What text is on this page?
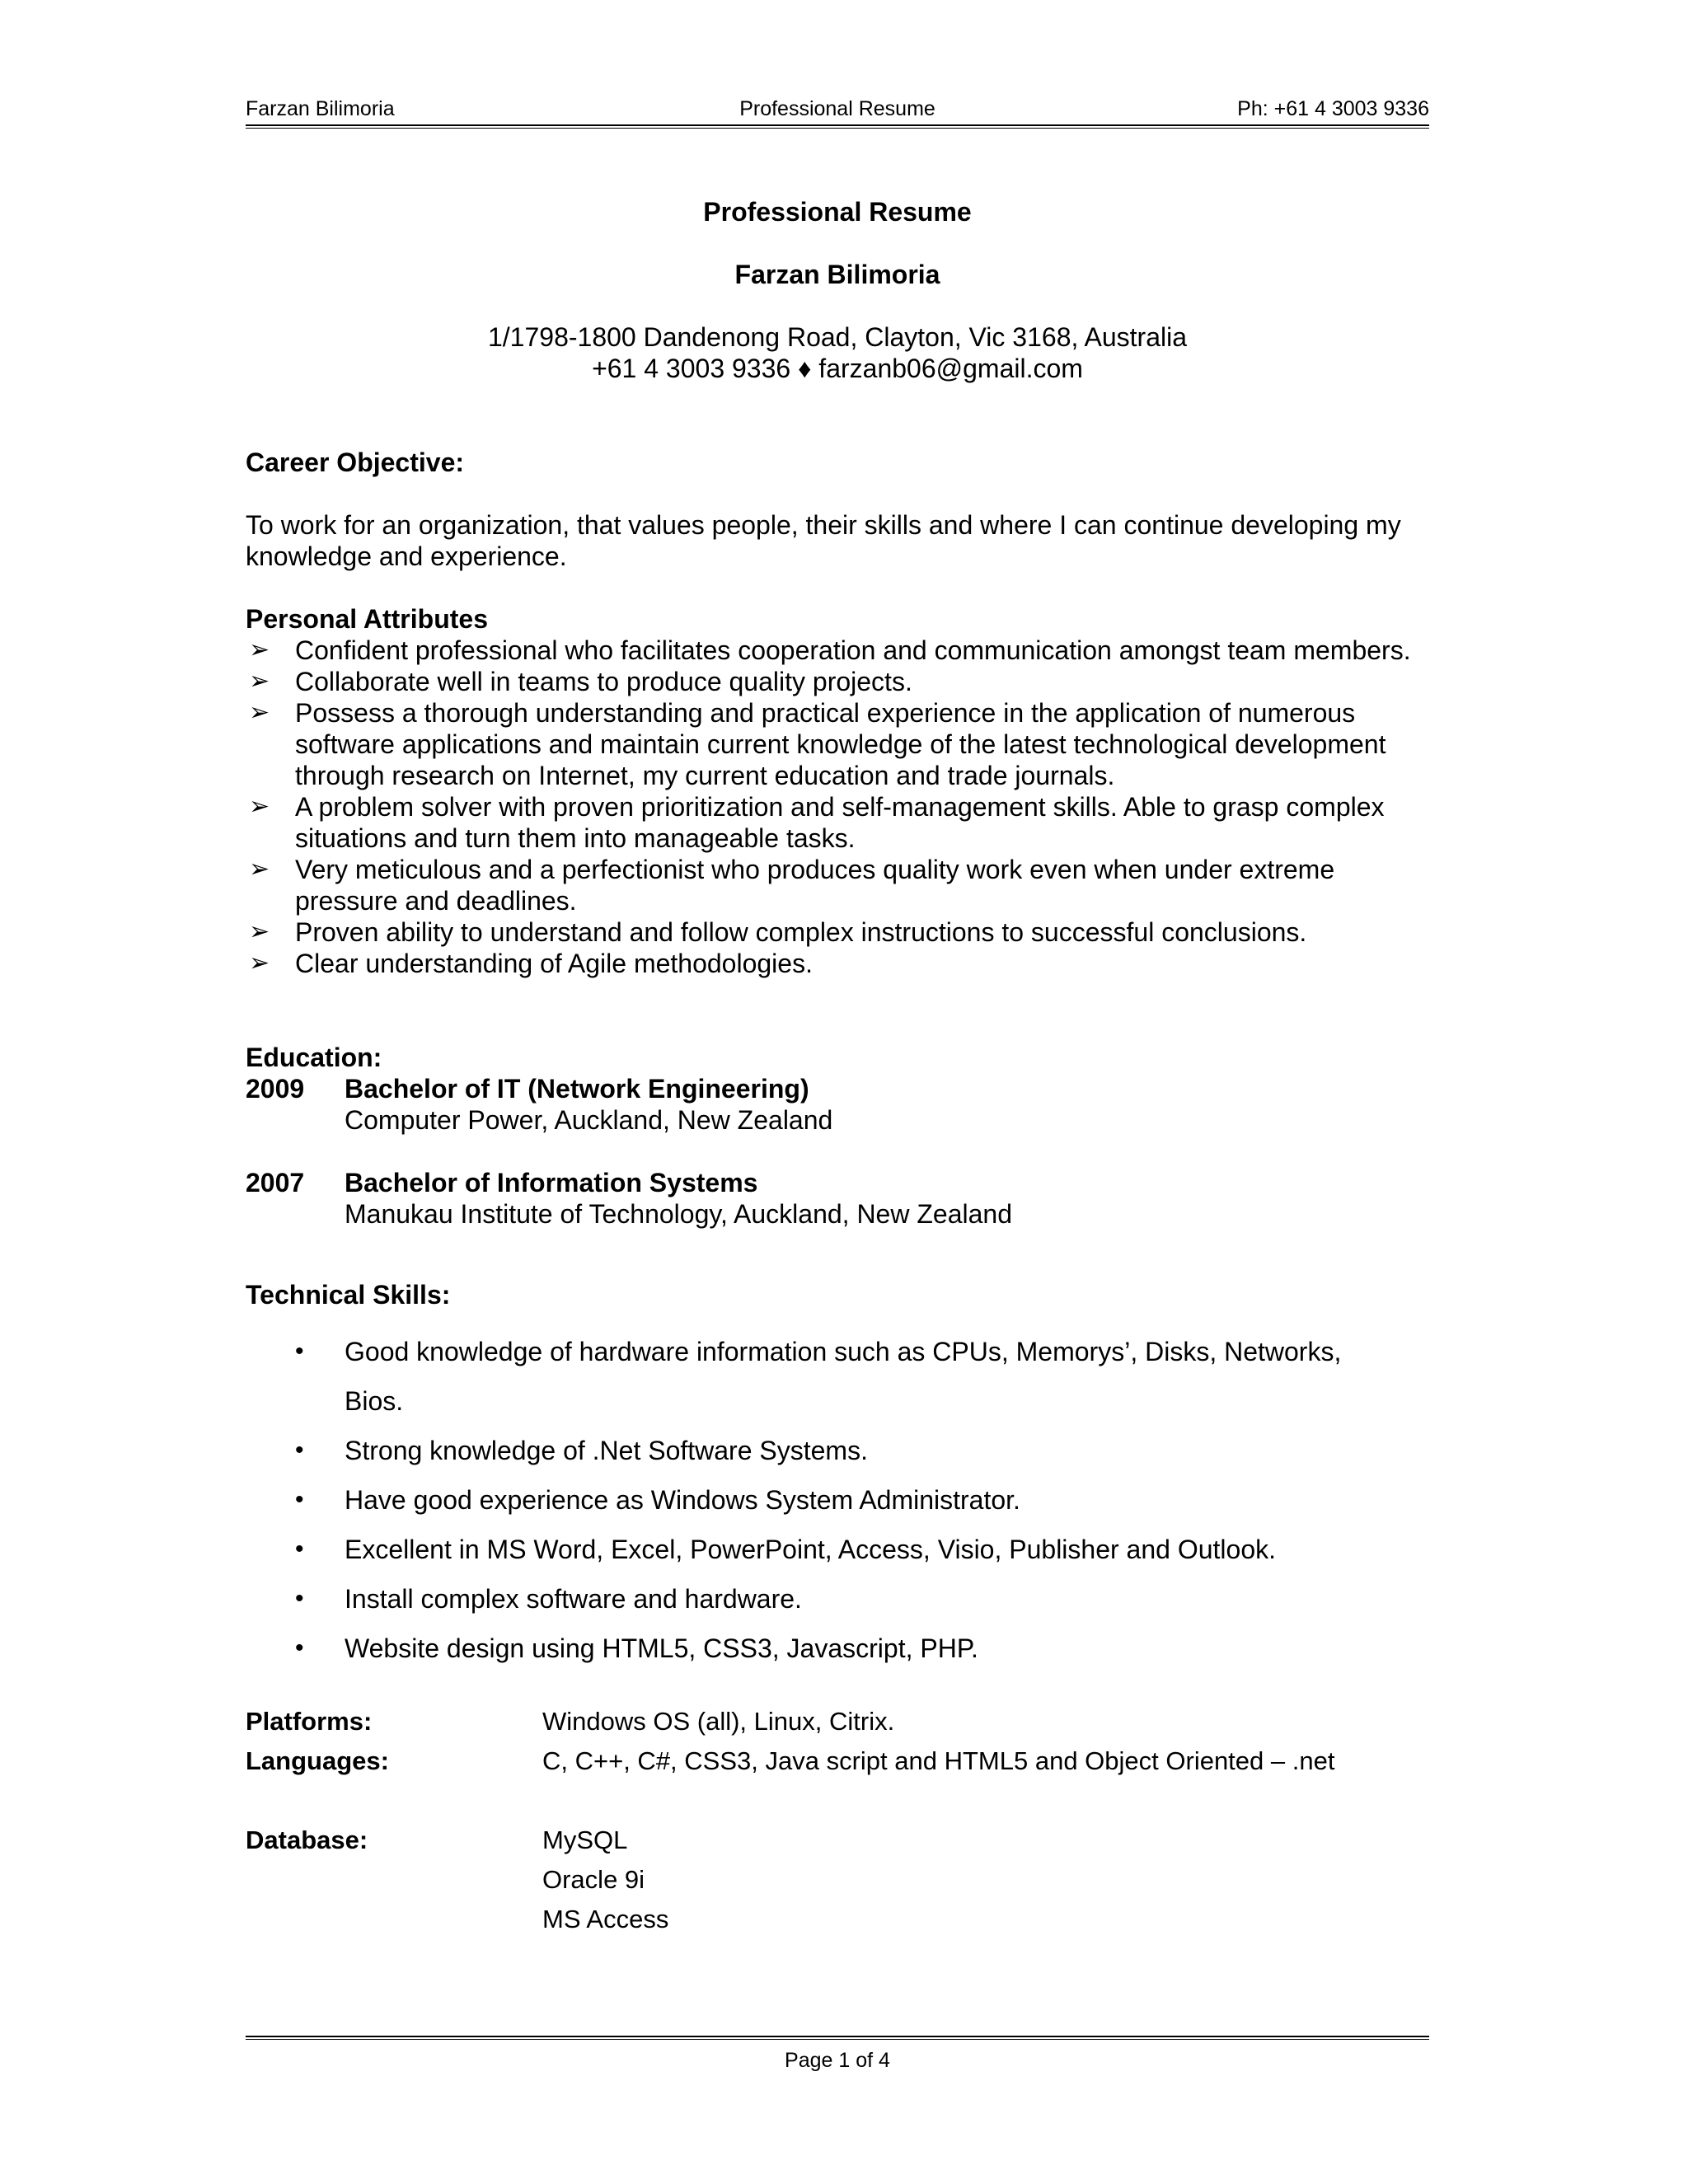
Farzan Bilimoria	Professional Resume	Ph: +61 4 3003 9336
Professional Resume
Farzan Bilimoria
1/1798-1800 Dandenong Road, Clayton, Vic 3168, Australia
+61 4 3003 9336 ♦ farzanb06@gmail.com
Career Objective:
To work for an organization, that values people, their skills and where I can continue developing my knowledge and experience.
Personal Attributes
➢ Confident professional who facilitates cooperation and communication amongst team members.
➢ Collaborate well in teams to produce quality projects.
➢ Possess a thorough understanding and practical experience in the application of numerous software applications and maintain current knowledge of the latest technological development through research on Internet, my current education and trade journals.
➢ A problem solver with proven prioritization and self-management skills. Able to grasp complex situations and turn them into manageable tasks.
➢ Very meticulous and a perfectionist who produces quality work even when under extreme pressure and deadlines.
➢ Proven ability to understand and follow complex instructions to successful conclusions.
➢ Clear understanding of Agile methodologies.
Education:
2009 Bachelor of IT (Network Engineering)
Computer Power, Auckland, New Zealand
2007 Bachelor of Information Systems
Manukau Institute of Technology, Auckland, New Zealand
Technical Skills:
• Good knowledge of hardware information such as CPUs, Memorys’, Disks, Networks, Bios.
• Strong knowledge of .Net Software Systems.
• Have good experience as Windows System Administrator.
• Excellent in MS Word, Excel, PowerPoint, Access, Visio, Publisher and Outlook.
• Install complex software and hardware.
• Website design using HTML5, CSS3, Javascript, PHP.
Platforms:	Windows OS (all), Linux, Citrix.
Languages:	C, C++, C#, CSS3, Java script and HTML5 and Object Oriented – .net
Database:	MySQL
Oracle 9i
MS Access
Page 1 of 4
